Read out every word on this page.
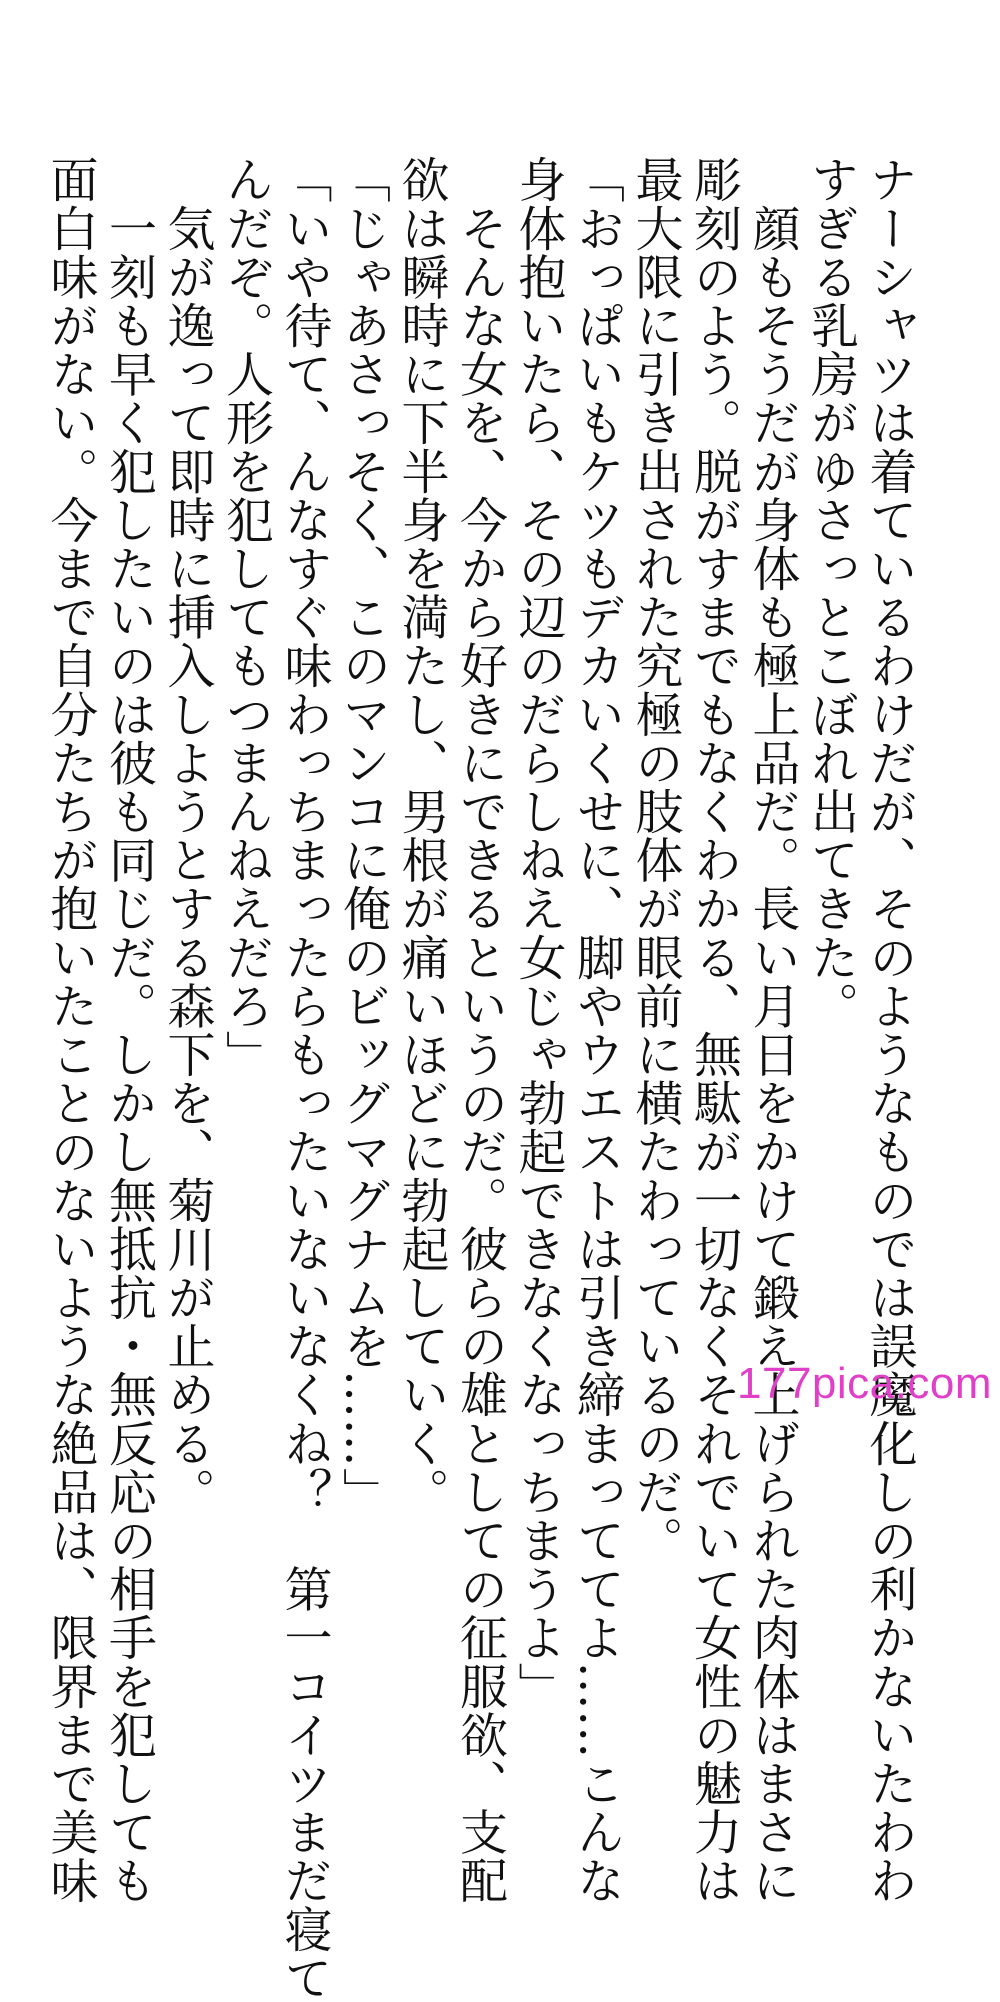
ナーシャツは着ているわけだが、そのようなものでは誤魔化しの利かないたわわ
すぎる乳房がゆさっとこぼれ出てきた。
　顔もそうだが身体も極上品だ。長い月日をかけて鍛え上げられた肉体はまさに
彫刻のよう。脱がすまでもなくわかる、無駄が一切なくそれでいて女性の魅力は
最大限に引き出された究極の肢体が眼前に横たわっているのだ。
「おっぱいもケツもデカいくせに、脚やウエストは引き締まっててよ……こんな
身体抱いたら、その辺のだらしねえ女じゃ勃起できなくなっちまうよ」
　そんな女を、今から好きにできるというのだ。彼らの雄としての征服欲、支配
欲は瞬時に下半身を満たし、男根が痛いほどに勃起していく。
「じゃあさっそく、このマンコに俺のビッグマグナムを……」
「いや待て、んなすぐ味わっちまったらもったいないなくね？　第一コイツまだ寝て
んだぞ。人形を犯してもつまんねえだろ」
　気が逸って即時に挿入しようとする森下を、菊川が止める。
　一刻も早く犯したいのは彼も同じだ。しかし無抵抗・無反応の相手を犯しても
面白味がない。今まで自分たちが抱いたことのないような絶品は、限界まで美味	177pica.com
